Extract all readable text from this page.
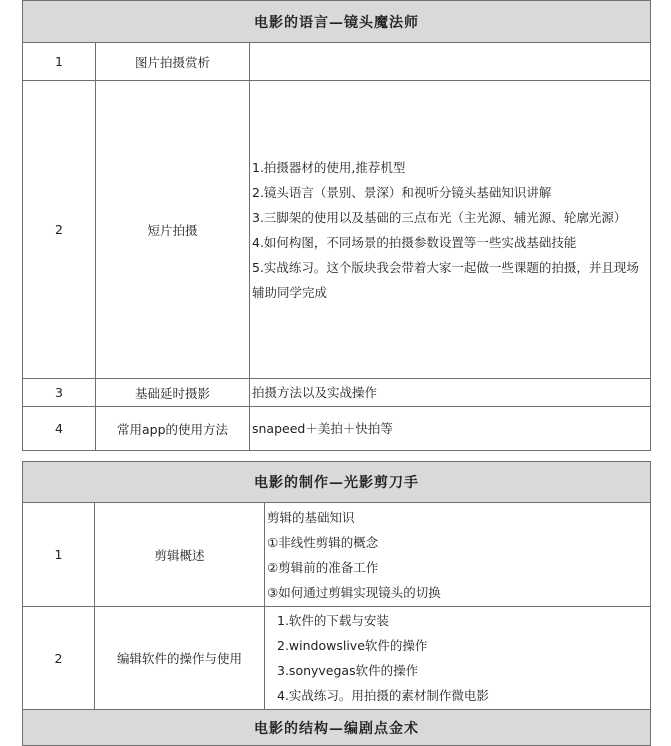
电影的语言—镜头魔法师		
1	图片拍摄赏析	
2	短片拍摄	1.拍摄器材的使用,推荐机型
2.镜头语言（景别、景深）和视听分镜头基础知识讲解
3.三脚架的使用以及基础的三点布光（主光源、辅光源、轮廓光源）
4.如何构图，不同场景的拍摄参数设置等一些实战基础技能
5.实战练习。这个版块我会带着大家一起做一些课题的拍摄，并且现场辅助同学完成

3	基础延时摄影	拍摄方法以及实战操作

4	常用app的使用方法	snapeed＋美拍＋快拍等
电影的制作—光影剪刀手		
1	剪辑概述	剪辑的基础知识
①非线性剪辑的概念
②剪辑前的准备工作
③如何通过剪辑实现镜头的切换

2	编辑软件的操作与使用	1.软件的下载与安装
2.windowslive软件的操作
3.sonyvegas软件的操作
4.实战练习。用拍摄的素材制作微电影

电影的结构—编剧点金术		
